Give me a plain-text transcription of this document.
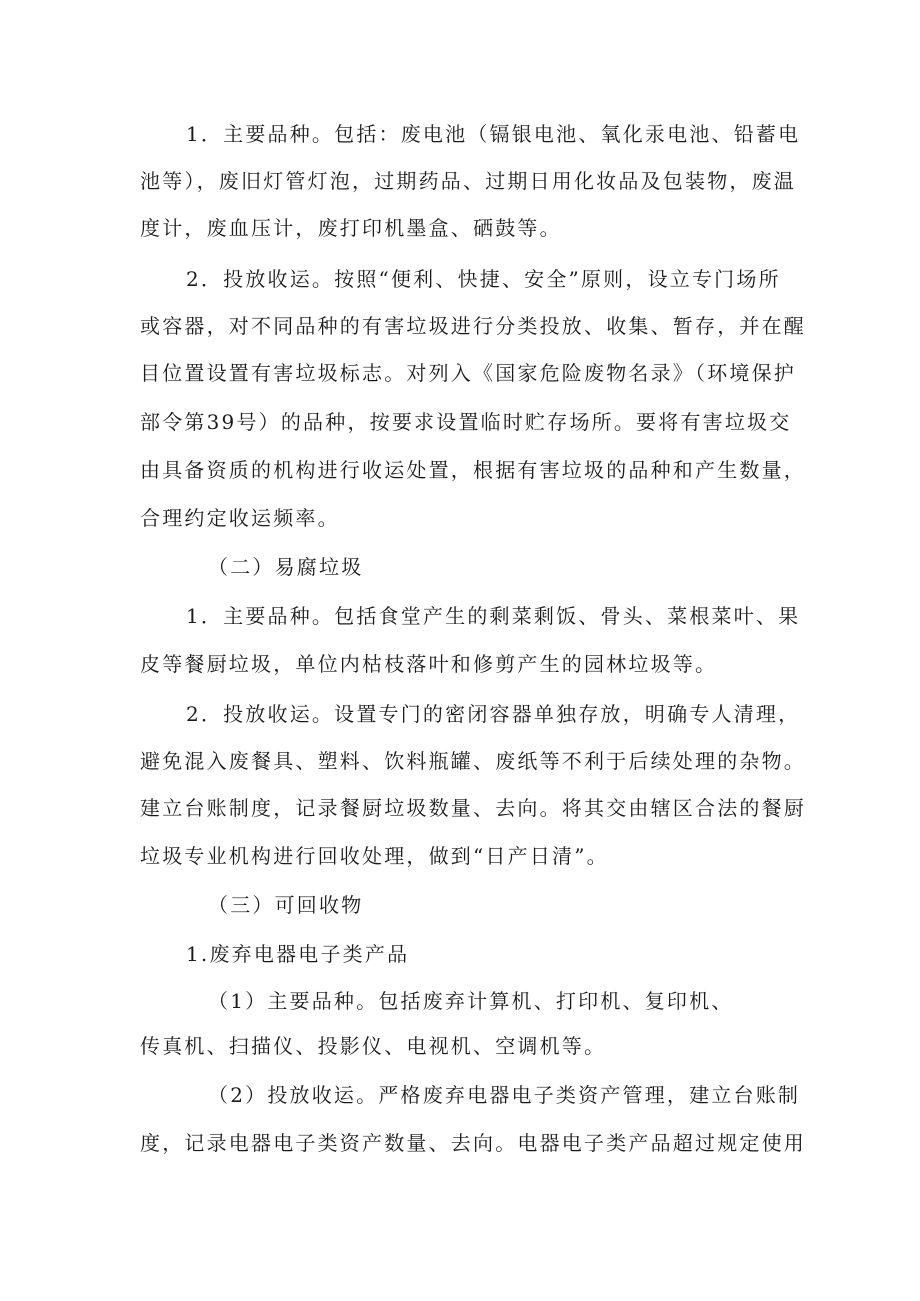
1．主要品种。包括：废电池（镉银电池、氧化汞电池、铅蓄电
池等），废旧灯管灯泡，过期药品、过期日用化妆品及包装物，废温
度计，废血压计，废打印机墨盒、硒鼓等。
2．投放收运。按照“便利、快捷、安全”原则，设立专门场所
或容器，对不同品种的有害垃圾进行分类投放、收集、暂存，并在醒
目位置设置有害垃圾标志。对列入《国家危险废物名录》（环境保护
部令第39号）的品种，按要求设置临时贮存场所。要将有害垃圾交
由具备资质的机构进行收运处置，根据有害垃圾的品种和产生数量，
合理约定收运频率。
（二）易腐垃圾
1．主要品种。包括食堂产生的剩菜剩饭、骨头、菜根菜叶、果
皮等餐厨垃圾，单位内枯枝落叶和修剪产生的园林垃圾等。
2．投放收运。设置专门的密闭容器单独存放，明确专人清理，
避免混入废餐具、塑料、饮料瓶罐、废纸等不利于后续处理的杂物。
建立台账制度，记录餐厨垃圾数量、去向。将其交由辖区合法的餐厨
垃圾专业机构进行回收处理，做到“日产日清”。
（三）可回收物
1.废弃电器电子类产品
（1）主要品种。包括废弃计算机、打印机、复印机、
传真机、扫描仪、投影仪、电视机、空调机等。
（2）投放收运。严格废弃电器电子类资产管理，建立台账制
度，记录电器电子类资产数量、去向。电器电子类产品超过规定使用
